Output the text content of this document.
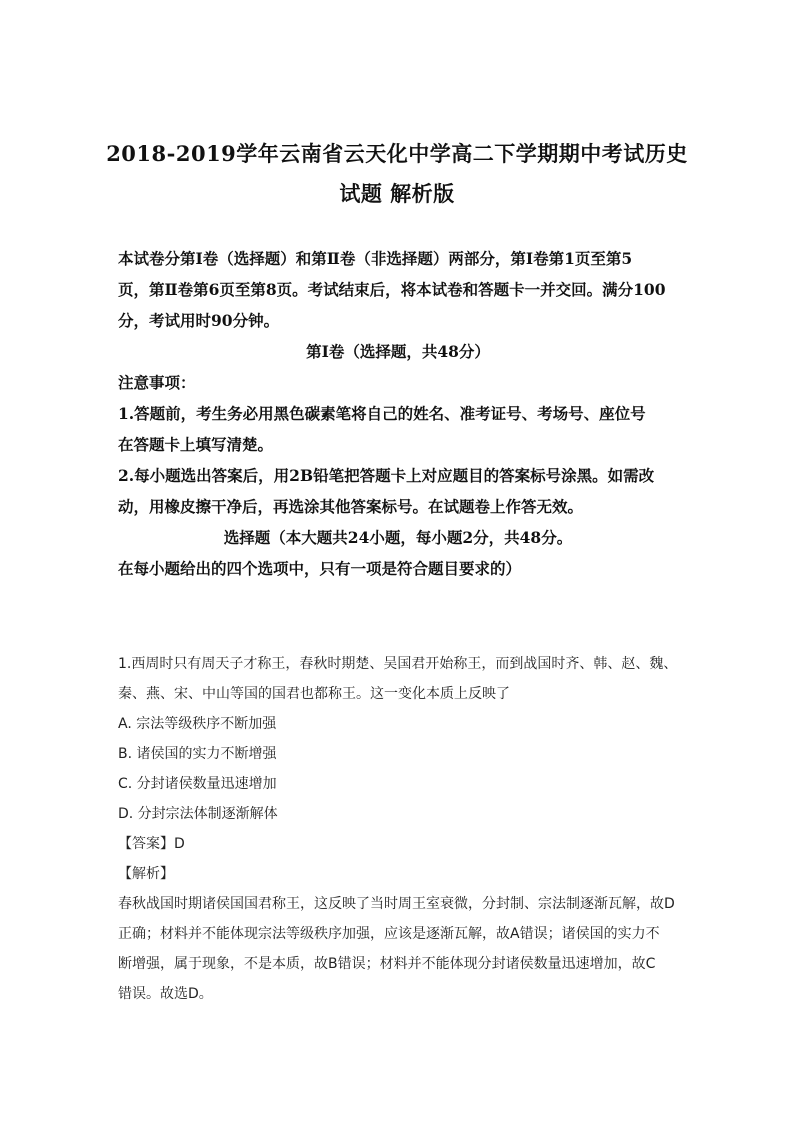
2018-2019学年云南省云天化中学高二下学期期中考试历史
试题 解析版
本试卷分第Ⅰ卷（选择题）和第Ⅱ卷（非选择题）两部分，第Ⅰ卷第1页至第5
页，第Ⅱ卷第6页至第8页。考试结束后，将本试卷和答题卡一并交回。满分100
分，考试用时90分钟。
第Ⅰ卷（选择题，共48分）
注意事项：
1.答题前，考生务必用黑色碳素笔将自己的姓名、准考证号、考场号、座位号
在答题卡上填写清楚。
2.每小题选出答案后，用2B铅笔把答题卡上对应题目的答案标号涂黑。如需改
动，用橡皮擦干净后，再选涂其他答案标号。在试题卷上作答无效。
选择题（本大题共24小题，每小题2分，共48分。
在每小题给出的四个选项中，只有一项是符合题目要求的）
1.西周时只有周天子才称王，春秋时期楚、吴国君开始称王，而到战国时齐、韩、赵、魏、
秦、燕、宋、中山等国的国君也都称王。这一变化本质上反映了
A. 宗法等级秩序不断加强
B. 诸侯国的实力不断增强
C. 分封诸侯数量迅速增加
D. 分封宗法体制逐渐解体
【答案】D
【解析】
春秋战国时期诸侯国国君称王，这反映了当时周王室衰微，分封制、宗法制逐渐瓦解，故D
正确；材料并不能体现宗法等级秩序加强，应该是逐渐瓦解，故A错误；诸侯国的实力不
断增强，属于现象，不是本质，故B错误；材料并不能体现分封诸侯数量迅速增加，故C
错误。故选D。
